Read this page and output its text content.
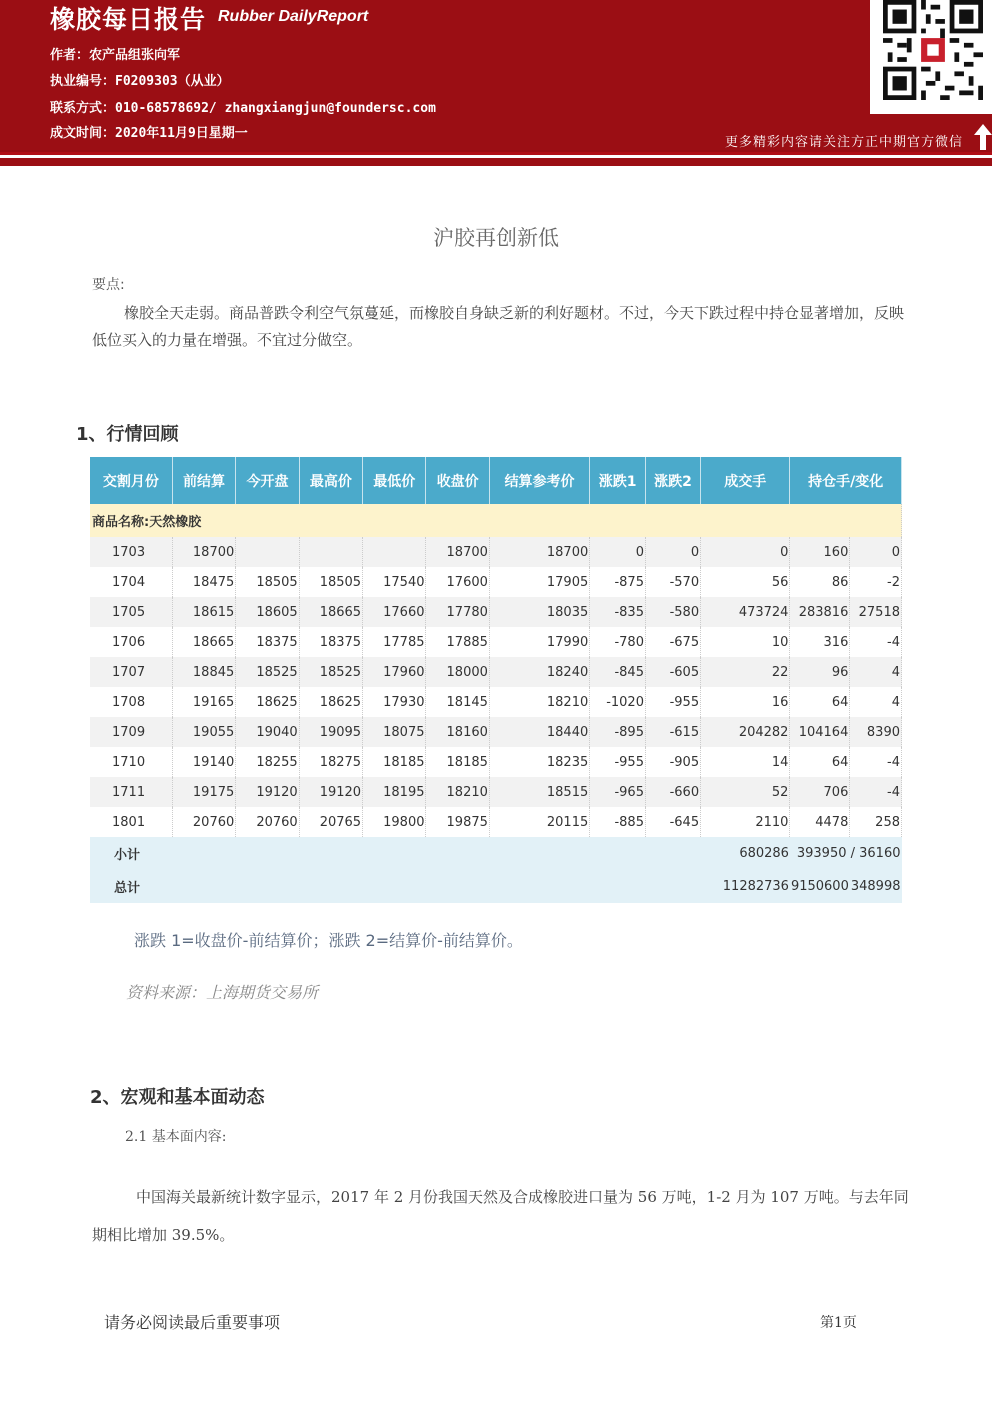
橡胶每日报告 Rubber DailyReport
作者：农产品组张向军
执业编号：F0209303（从业）
联系方式：010-68578692/ zhangxiangjun@foundersc.com
成文时间：2020年11月9日星期一
更多精彩内容请关注方正中期官方微信
沪胶再创新低
要点:
橡胶全天走弱。商品普跌令利空气氛蔓延，而橡胶自身缺乏新的利好题材。不过，今天下跌过程中持仓显著增加，反映低位买入的力量在增强。不宜过分做空。
1、行情回顾
交割月份	前结算	今开盘	最高价	最低价	收盘价	结算参考价	涨跌1	涨跌2	成交手	持仓手/变化	
商品名称:天然橡胶											
1703	18700				18700	18700	0	0	0	160	0
1704	18475	18505	18505	17540	17600	17905	-875	-570	56	86	-2
1705	18615	18605	18665	17660	17780	18035	-835	-580	473724	283816	27518
1706	18665	18375	18375	17785	17885	17990	-780	-675	10	316	-4
1707	18845	18525	18525	17960	18000	18240	-845	-605	22	96	4
1708	19165	18625	18625	17930	18145	18210	-1020	-955	16	64	4
1709	19055	19040	19095	18075	18160	18440	-895	-615	204282	104164	8390
1710	19140	18255	18275	18185	18185	18235	-955	-905	14	64	-4
1711	19175	19120	19120	18195	18210	18515	-965	-660	52	706	-4
1801	20760	20760	20765	19800	19875	20115	-885	-645	2110	4478	258
小计									680286	393950 / 36160	
总计									11282736	9150600	348998
涨跌 1=收盘价-前结算价；涨跌 2=结算价-前结算价。
资料来源：上海期货交易所
2、宏观和基本面动态
2.1 基本面内容:
中国海关最新统计数字显示，2017 年 2 月份我国天然及合成橡胶进口量为 56 万吨，1-2 月为 107 万吨。与去年同期相比增加 39.5%。
请务必阅读最后重要事项	第1页
